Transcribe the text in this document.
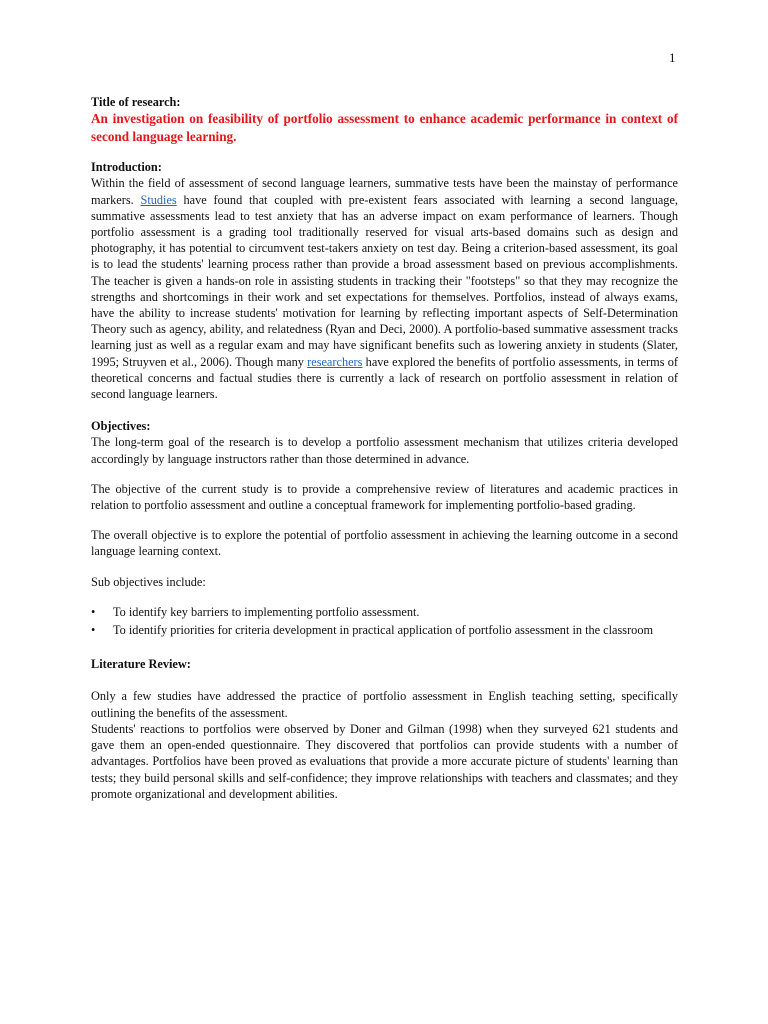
1

Title of research:

An investigation on feasibility of portfolio assessment to enhance academic performance in context of second language learning.

Introduction:

Within the field of assessment of second language learners, summative tests have been the mainstay of performance markers. Studies have found that coupled with pre-existent fears associated with learning a second language, summative assessments lead to test anxiety that has an adverse impact on exam performance of learners. Though portfolio assessment is a grading tool traditionally reserved for visual arts-based domains such as design and photography, it has potential to circumvent test-takers anxiety on test day. Being a criterion-based assessment, its goal is to lead the students' learning process rather than provide a broad assessment based on previous accomplishments. The teacher is given a hands-on role in assisting students in tracking their "footsteps" so that they may recognize the strengths and shortcomings in their work and set expectations for themselves. Portfolios, instead of always exams, have the ability to increase students' motivation for learning by reflecting important aspects of Self-Determination Theory such as agency, ability, and relatedness (Ryan and Deci, 2000). A portfolio-based summative assessment tracks learning just as well as a regular exam and may have significant benefits such as lowering anxiety in students (Slater, 1995; Struyven et al., 2006). Though many researchers have explored the benefits of portfolio assessments, in terms of theoretical concerns and factual studies there is currently a lack of research on portfolio assessment in relation of second language learners.

Objectives:

The long-term goal of the research is to develop a portfolio assessment mechanism that utilizes criteria developed accordingly by language instructors rather than those determined in advance.

The objective of the current study is to provide a comprehensive review of literatures and academic practices in relation to portfolio assessment and outline a conceptual framework for implementing portfolio-based grading.

The overall objective is to explore the potential of portfolio assessment in achieving the learning outcome in a second language learning context.

Sub objectives include:

• To identify key barriers to implementing portfolio assessment.
• To identify priorities for criteria development in practical application of portfolio assessment in the classroom

Literature Review:

Only a few studies have addressed the practice of portfolio assessment in English teaching setting, specifically outlining the benefits of the assessment.

Students' reactions to portfolios were observed by Doner and Gilman (1998) when they surveyed 621 students and gave them an open-ended questionnaire. They discovered that portfolios can provide students with a number of advantages. Portfolios have been proved as evaluations that provide a more accurate picture of students' learning than tests; they build personal skills and self-confidence; they improve relationships with teachers and classmates; and they promote organizational and development abilities.
